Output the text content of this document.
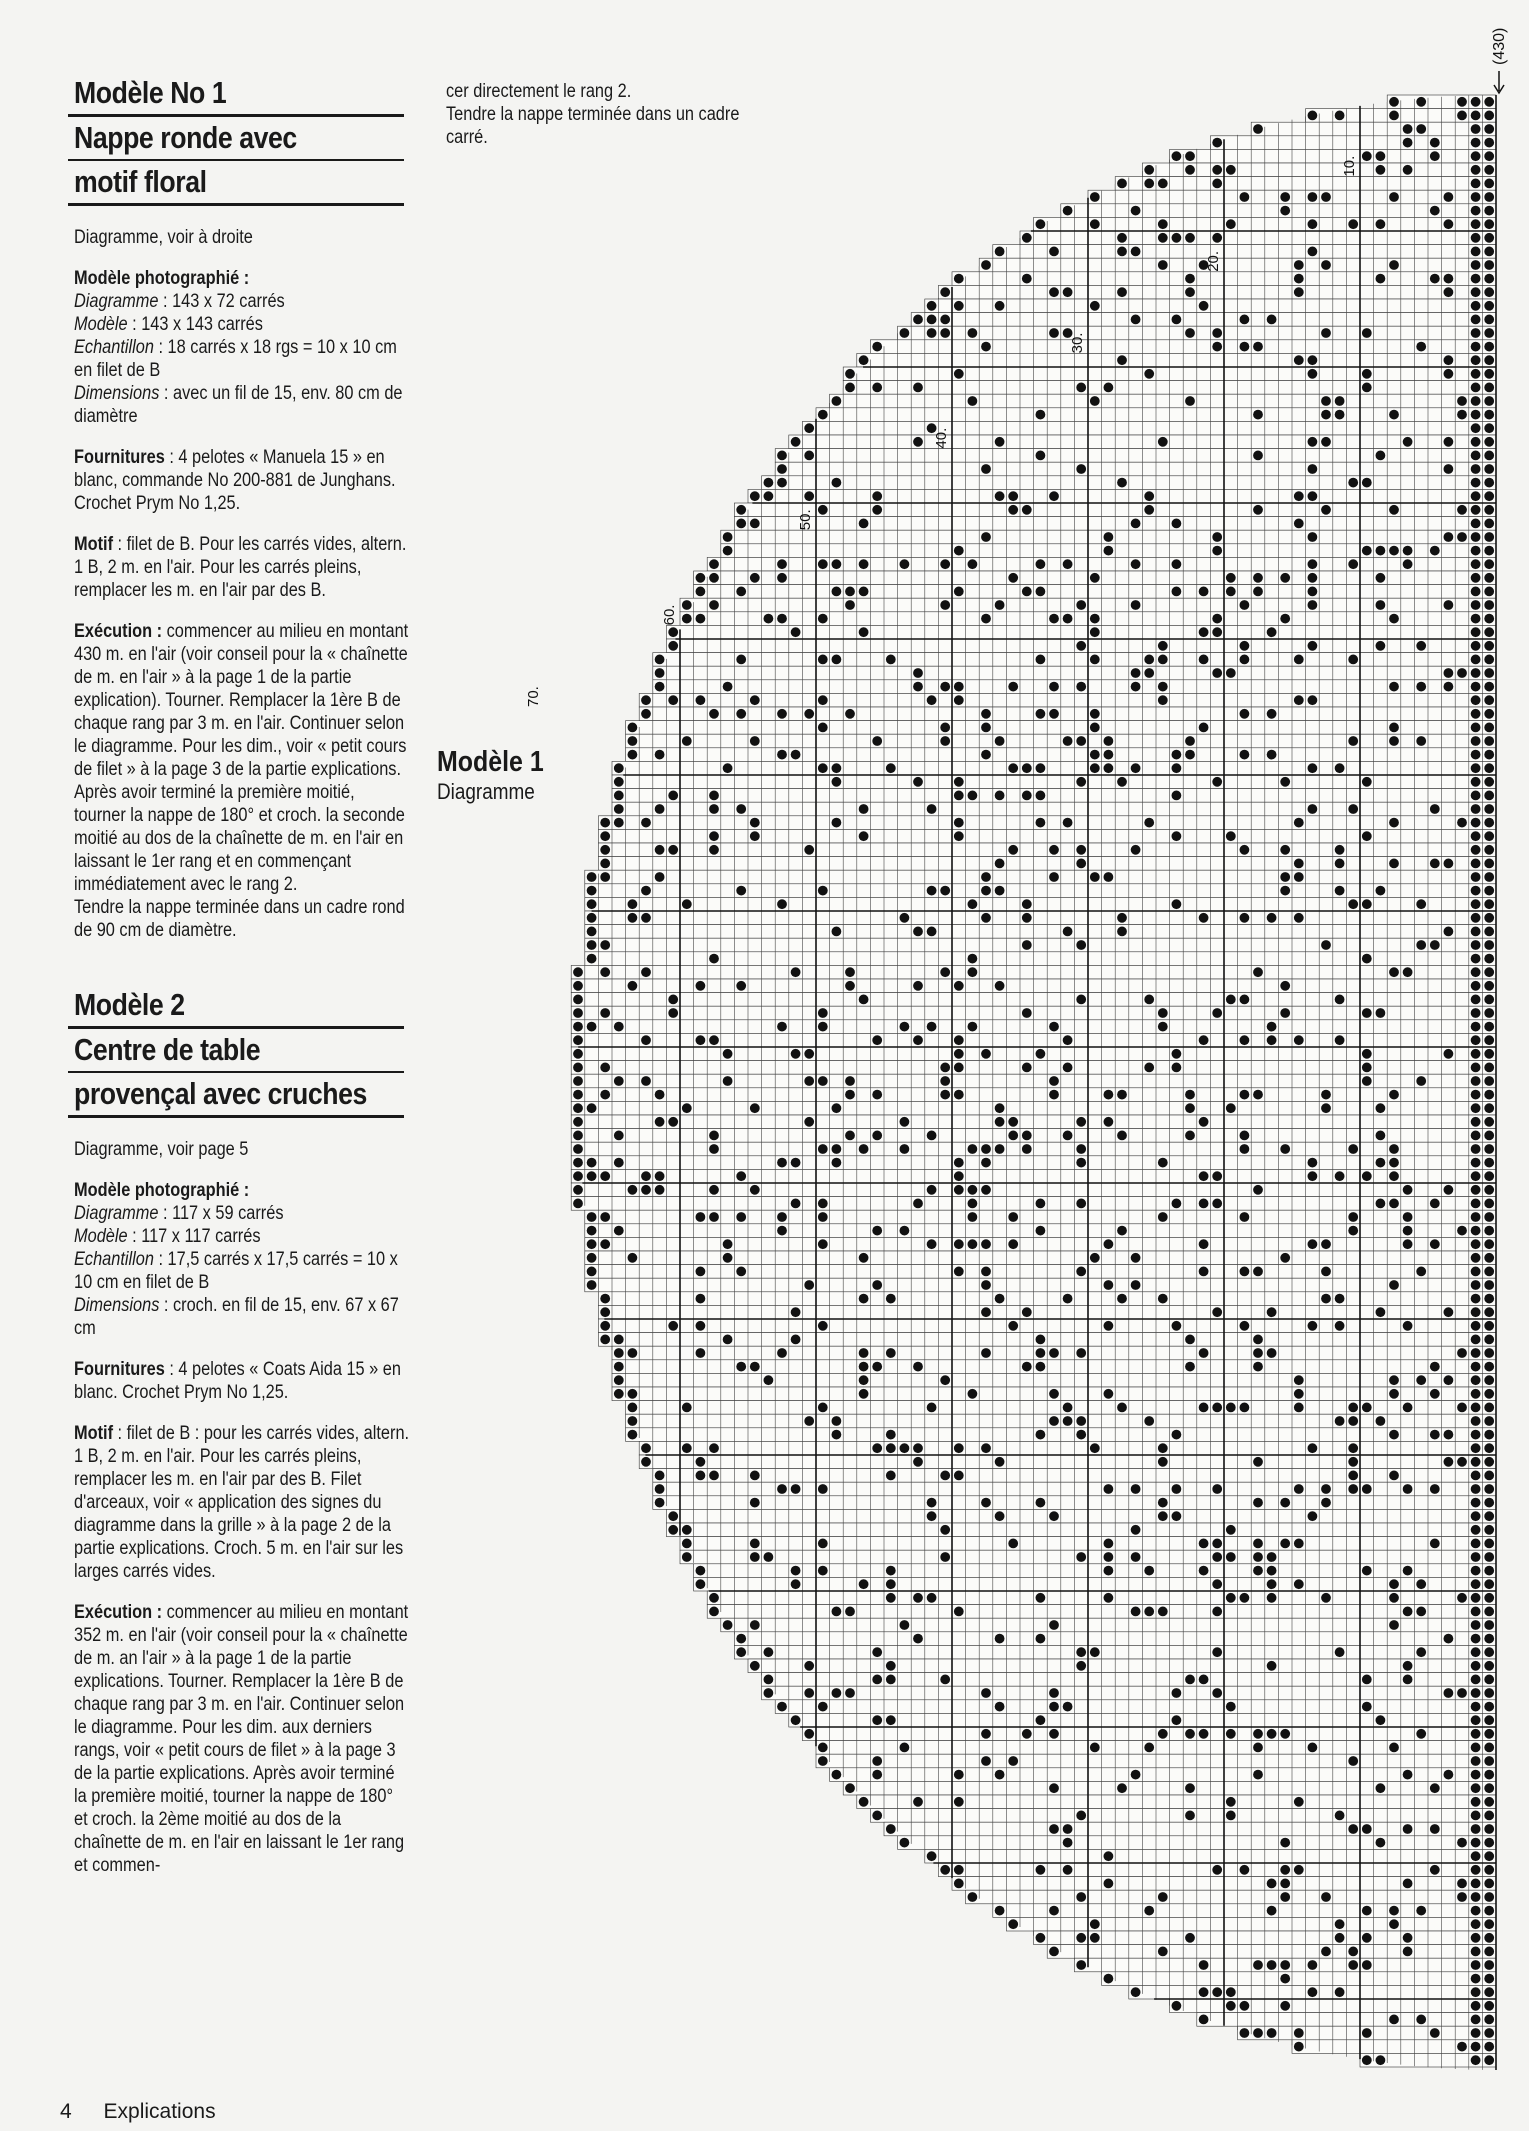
Modèle No 1
Nappe ronde avec
motif floral

Diagramme, voir à droite

Modèle photographié :

Diagramme : 143 x 72 carrés

Modèle : 143 x 143 carrés

Echantillon : 18 carrés x 18 rgs = 10 x 10 cm en filet de B

Dimensions : avec un fil de 15, env. 80 cm de diamètre

Fournitures : 4 pelotes « Manuela 15 » en blanc, commande No 200-881 de Junghans. Crochet Prym No 1,25.

Motif : filet de B. Pour les carrés vides, altern. 1 B, 2 m. en l'air. Pour les carrés pleins, remplacer les m. en l'air par des B.

Exécution : commencer au milieu en montant 430 m. en l'air (voir conseil pour la « chaînette de m. en l'air » à la page 1 de la partie explication). Tourner. Remplacer la 1ère B de chaque rang par 3 m. en l'air. Continuer selon le diagramme. Pour les dim., voir « petit cours de filet » à la page 3 de la partie explications. Après avoir terminé la première moitié, tourner la nappe de 180° et croch. la seconde moitié au dos de la chaînette de m. en l'air en laissant le 1er rang et en commençant immédiatement avec le rang 2.

Tendre la nappe terminée dans un cadre rond de 90 cm de diamètre.

Modèle 2
Centre de table
provençal avec cruches

Diagramme, voir page 5

Modèle photographié :

Diagramme : 117 x 59 carrés

Modèle : 117 x 117 carrés

Echantillon : 17,5 carrés x 17,5 carrés = 10 x 10 cm en filet de B

Dimensions : croch. en fil de 15, env. 67 x 67 cm

Fournitures : 4 pelotes « Coats Aida 15 » en blanc. Crochet Prym No 1,25.

Motif : filet de B : pour les carrés vides, altern. 1 B, 2 m. en l'air. Pour les carrés pleins, remplacer les m. en l'air par des B. Filet d'arceaux, voir « application des signes du diagramme dans la grille » à la page 2 de la partie explications. Croch. 5 m. en l'air sur les larges carrés vides.

Exécution : commencer au milieu en montant 352 m. en l'air (voir conseil pour la « chaînette de m. an l'air » à la page 1 de la partie explications. Tourner. Remplacer la 1ère B de chaque rang par 3 m. en l'air. Continuer selon le diagramme. Pour les dim. aux derniers rangs, voir « petit cours de filet » à la page 3 de la partie explications. Après avoir terminé la première moitié, tourner la nappe de 180° et croch. la 2ème moitié au dos de la chaînette de m. en l'air en laissant le 1er rang et commen-

cer directement le rang 2.

Tendre la nappe terminée dans un cadre carré.

Modèle 1
Diagramme
10.
20.
30.
40.
50.
60.
70.
(430)
4 Explications
